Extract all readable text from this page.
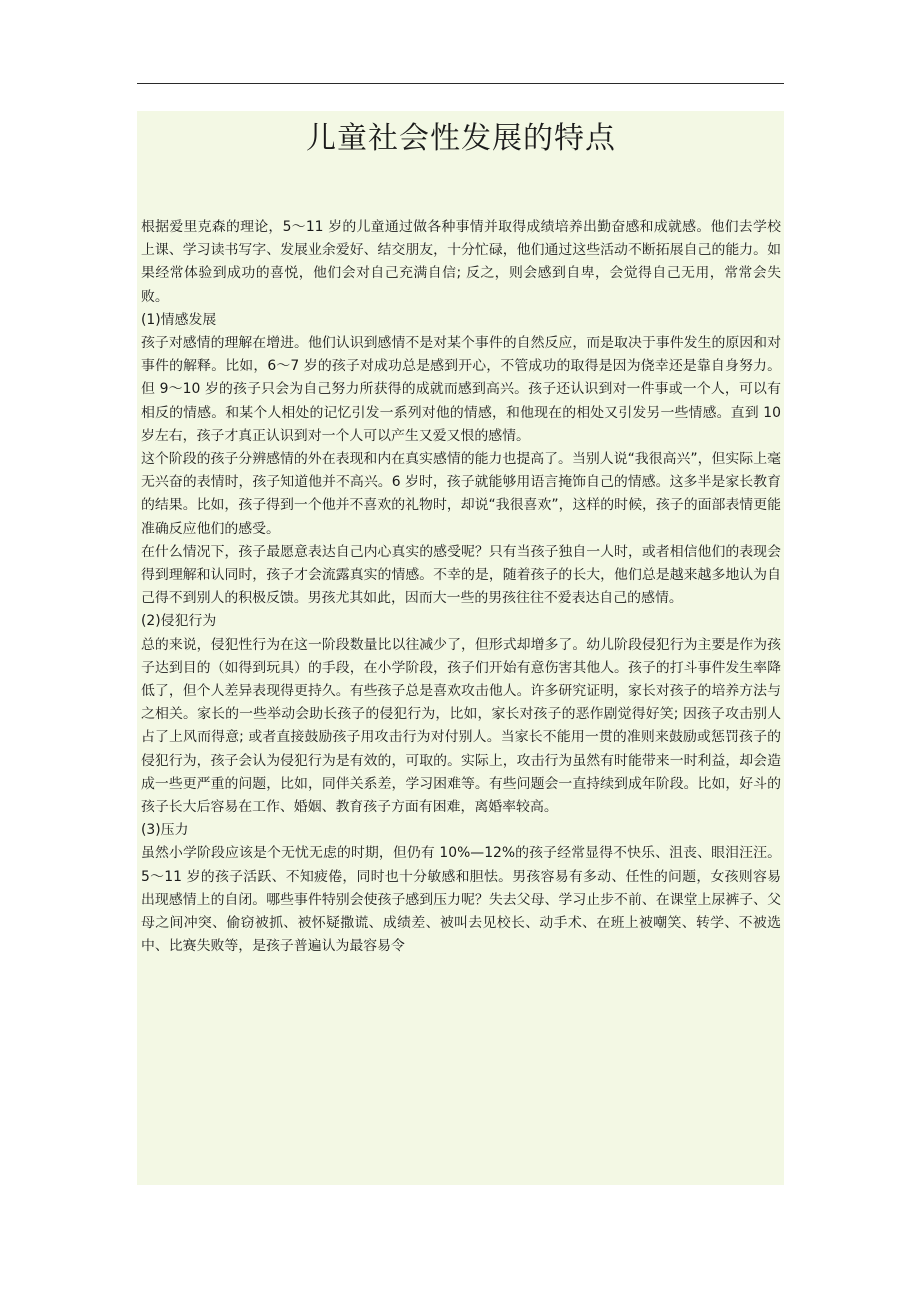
儿童社会性发展的特点

根据爱里克森的理论，5～11 岁的儿童通过做各种事情并取得成绩培养出勤奋感和成就感。他们去学校上课、学习读书写字、发展业余爱好、结交朋友，十分忙碌，他们通过这些活动不断拓展自己的能力。如果经常体验到成功的喜悦，他们会对自己充满自信; 反之，则会感到自卑，会觉得自己无用，常常会失败。

(1)情感发展

孩子对感情的理解在增进。他们认识到感情不是对某个事件的自然反应，而是取决于事件发生的原因和对事件的解释。比如，6～7 岁的孩子对成功总是感到开心，不管成功的取得是因为侥幸还是靠自身努力。但 9～10 岁的孩子只会为自己努力所获得的成就而感到高兴。孩子还认识到对一件事或一个人，可以有相反的情感。和某个人相处的记忆引发一系列对他的情感，和他现在的相处又引发另一些情感。直到 10 岁左右，孩子才真正认识到对一个人可以产生又爱又恨的感情。

这个阶段的孩子分辨感情的外在表现和内在真实感情的能力也提高了。当别人说“我很高兴”，但实际上毫无兴奋的表情时，孩子知道他并不高兴。6 岁时，孩子就能够用语言掩饰自己的情感。这多半是家长教育的结果。比如，孩子得到一个他并不喜欢的礼物时，却说“我很喜欢”，这样的时候，孩子的面部表情更能准确反应他们的感受。

在什么情况下，孩子最愿意表达自己内心真实的感受呢？只有当孩子独自一人时，或者相信他们的表现会得到理解和认同时，孩子才会流露真实的情感。不幸的是，随着孩子的长大，他们总是越来越多地认为自己得不到别人的积极反馈。男孩尤其如此，因而大一些的男孩往往不爱表达自己的感情。

(2)侵犯行为

总的来说，侵犯性行为在这一阶段数量比以往减少了，但形式却增多了。幼儿阶段侵犯行为主要是作为孩子达到目的（如得到玩具）的手段，在小学阶段，孩子们开始有意伤害其他人。孩子的打斗事件发生率降低了，但个人差异表现得更持久。有些孩子总是喜欢攻击他人。许多研究证明，家长对孩子的培养方法与之相关。家长的一些举动会助长孩子的侵犯行为，比如，家长对孩子的恶作剧觉得好笑; 因孩子攻击别人占了上风而得意; 或者直接鼓励孩子用攻击行为对付别人。当家长不能用一贯的准则来鼓励或惩罚孩子的侵犯行为，孩子会认为侵犯行为是有效的，可取的。实际上，攻击行为虽然有时能带来一时利益，却会造成一些更严重的问题，比如，同伴关系差，学习困难等。有些问题会一直持续到成年阶段。比如，好斗的孩子长大后容易在工作、婚姻、教育孩子方面有困难，离婚率较高。

(3)压力

虽然小学阶段应该是个无忧无虑的时期，但仍有 10%—12%的孩子经常显得不快乐、沮丧、眼泪汪汪。5～11 岁的孩子活跃、不知疲倦，同时也十分敏感和胆怯。男孩容易有多动、任性的问题，女孩则容易出现感情上的自闭。哪些事件特别会使孩子感到压力呢？失去父母、学习止步不前、在课堂上尿裤子、父母之间冲突、偷窃被抓、被怀疑撒谎、成绩差、被叫去见校长、动手术、在班上被嘲笑、转学、不被选中、比赛失败等，是孩子普遍认为最容易令
